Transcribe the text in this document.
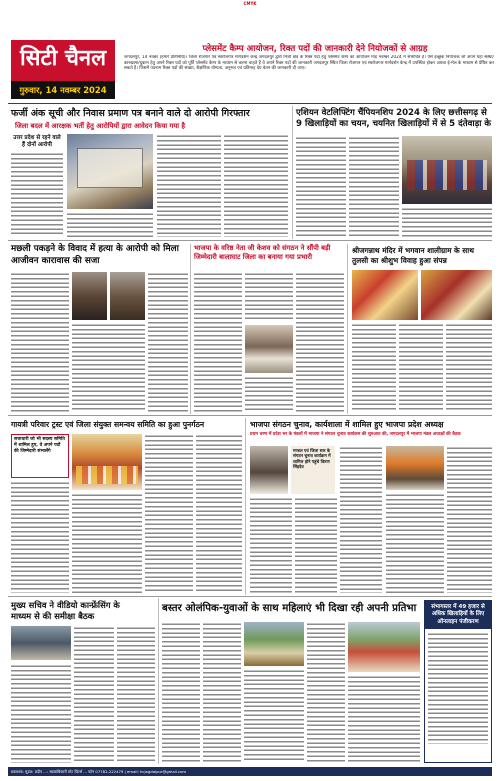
CMYK
सिटी चैनल
गुरुवार, 14 नवम्बर 2024
प्लेसमेंट कैम्प आयोजन, रिक्त पदों की जानकारी देने नियोजकों से आग्रह
जगदलपुर, 14 नवंबर (हमारे प्रतिनिधि)। जिला रोजगार एवं स्वरोजगार मार्गदर्शन केन्द्र जगदलपुर द्वारा निजी क्षेत्र के रिक्त पदों हेतु प्लेसमेंट कैम्प का आयोजन माह नवम्बर 2024 में संभावित है। ऐसे इच्छुक नियोजक जो अपने यहां संस्था/कारखाना/दुकान हेतु अपने रिक्त पदों को पूर्ति प्लेसमेंट कैम्प के माध्यम से करना चाहते हैं वे अपने रिक्त पदों की जानकारी जगदलपुर स्थित जिला रोजगार एवं स्वरोजगार मार्गदर्शन केन्द्र में उपस्थित होकर अथवा ई-मेल के माध्यम से प्रेषित कर सकते हैं। जिसमें पदनाम रिक्त पदों की संख्या, शैक्षणिक योग्यता, अनुभव एवं प्रतिमाह देय वेतन की जानकारी दी जाए।
फर्जी अंक सूची और निवास प्रमाण पत्र बनाने वाले दो आरोपी गिरफ्तार
जिला बदल में आरक्षक भर्ती हेतु आरोपियों द्वारा आवेदन किया गया है
उत्तर प्रदेश से रहने वाले हैं दोनों आरोपी
एशियन वेटलिफ्टिंग चैंपियनशिप 2024 के लिए छत्तीसगढ़ से 9 खिलाड़ियों का चयन, चयनित खिलाड़ियों में से 5 दंतेवाड़ा के
मछली पकड़ने के विवाद में हत्या के आरोपी को मिला आजीवन कारावास की सजा
भाजपा के वरिष्ठ नेता जी केशव को संगठन ने सौंपी बड़ी जिम्मेदारी बालाघाट जिला का बनाया गया प्रभारी
श्रीजगन्नाथ मंदिर में भगवान शालीग्राम के साथ तुलसी का श्रीशुभ विवाह हुआ संपन्न
गायत्री परिवार ट्रस्ट एवं जिला संयुक्त समन्वय समिति का हुआ पुनर्गठन
सत्ताधारी जो भी सदस्य समिति में शामिल हुए, वे अपने पदों की जिम्मेदारी संभालेंगे
भाजपा संगठन चुनाव, कार्यशाला में शामिल हुए भाजपा प्रदेश अध्यक्ष
प्रथम चरण में प्रदेश भर के मंडलों में भाजपा ने संगठन चुनाव कार्यक्रम की शुरुआत की, जगदलपुर में भाजपा मंडल अध्यक्षों की बैठक
मण्डल एवं जिला स्तर के संगठन चुनाव कार्यक्रम में शामिल होने पहुंचे किरण सिंहदेव
मुख्य सचिव ने वीडियो कान्फ्रेंसिंग के माध्यम से की समीक्षा बैठक
बस्तर ओलंपिक-युवाओं के साथ महिलाएं भी दिखा रही अपनी प्रतिभा	संभागस्तर में 49 हजार से अधिक खिलाड़ियों के लिए ऑनलाइन पंजीकरण
प्रकाशक: मुद्रक: प्रदीप ...: स्वत्वाधिकारी स्टेट प्रिंटर्स ... फोन 07782-222479 | email: hcjagdalpur@gmail.com
